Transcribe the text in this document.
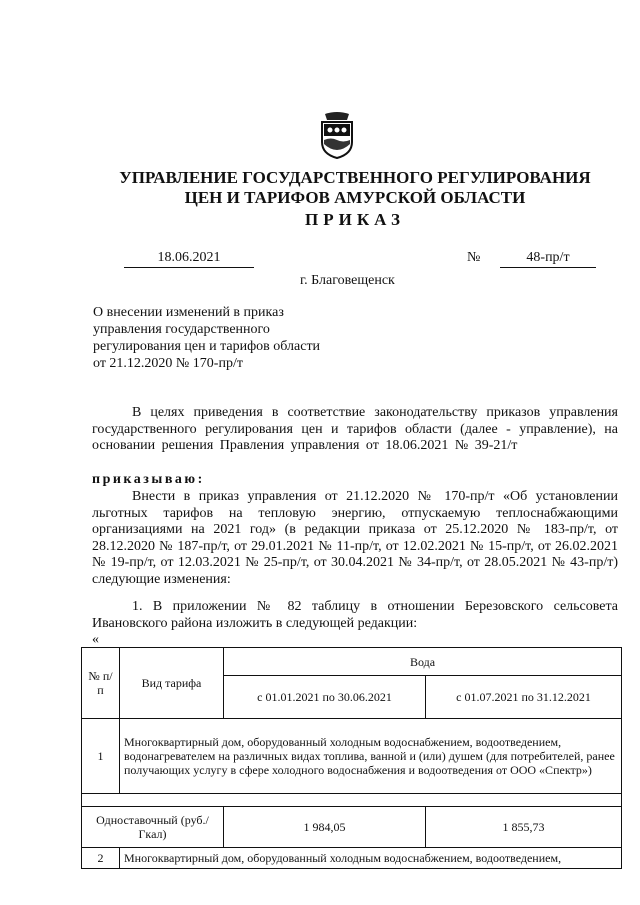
УПРАВЛЕНИЕ ГОСУДАРСТВЕННОГО РЕГУЛИРОВАНИЯ
ЦЕН И ТАРИФОВ АМУРСКОЙ ОБЛАСТИ
ПРИКАЗ
18.06.2021	№	48-пр/т
г. Благовещенск
О внесении изменений в приказ
управления государственного
регулирования цен и тарифов области
от 21.12.2020 № 170-пр/т
В целях приведения в соответствие законодательству приказов управления государственного регулирования цен и тарифов области (далее - управление), на основании решения Правления управления от 18.06.2021 № 39-21/т
приказываю:
Внести в приказ управления от 21.12.2020 № 170-пр/т «Об установлении льготных тарифов на тепловую энергию, отпускаемую теплоснабжающими организациями на 2021 год» (в редакции приказа от 25.12.2020 № 183-пр/т, от 28.12.2020 № 187-пр/т, от 29.01.2021 № 11-пр/т, от 12.02.2021 № 15-пр/т, от 26.02.2021 № 19-пр/т, от 12.03.2021 № 25-пр/т, от 30.04.2021 № 34-пр/т, от 28.05.2021 № 43-пр/т) следующие изменения:
1. В приложении № 82 таблицу в отношении Березовского сельсовета Ивановского района изложить в следующей редакции:
«
№ п/п	Вид тарифа	Вода	
		с 01.01.2021 по 30.06.2021	с 01.07.2021 по 31.12.2021
1	Многоквартирный дом, оборудованный холодным водоснабжением, водоотведением, водонагревателем на различных видах топлива, ванной и (или) душем (для потребителей, ранее получающих услугу в сфере холодного водоснабжения и водоотведения от ООО «Спектр»)		

Одноставочный (руб./Гкал)		1 984,05	1 855,73
2	Многоквартирный дом, оборудованный холодным водоснабжением, водоотведением,		
